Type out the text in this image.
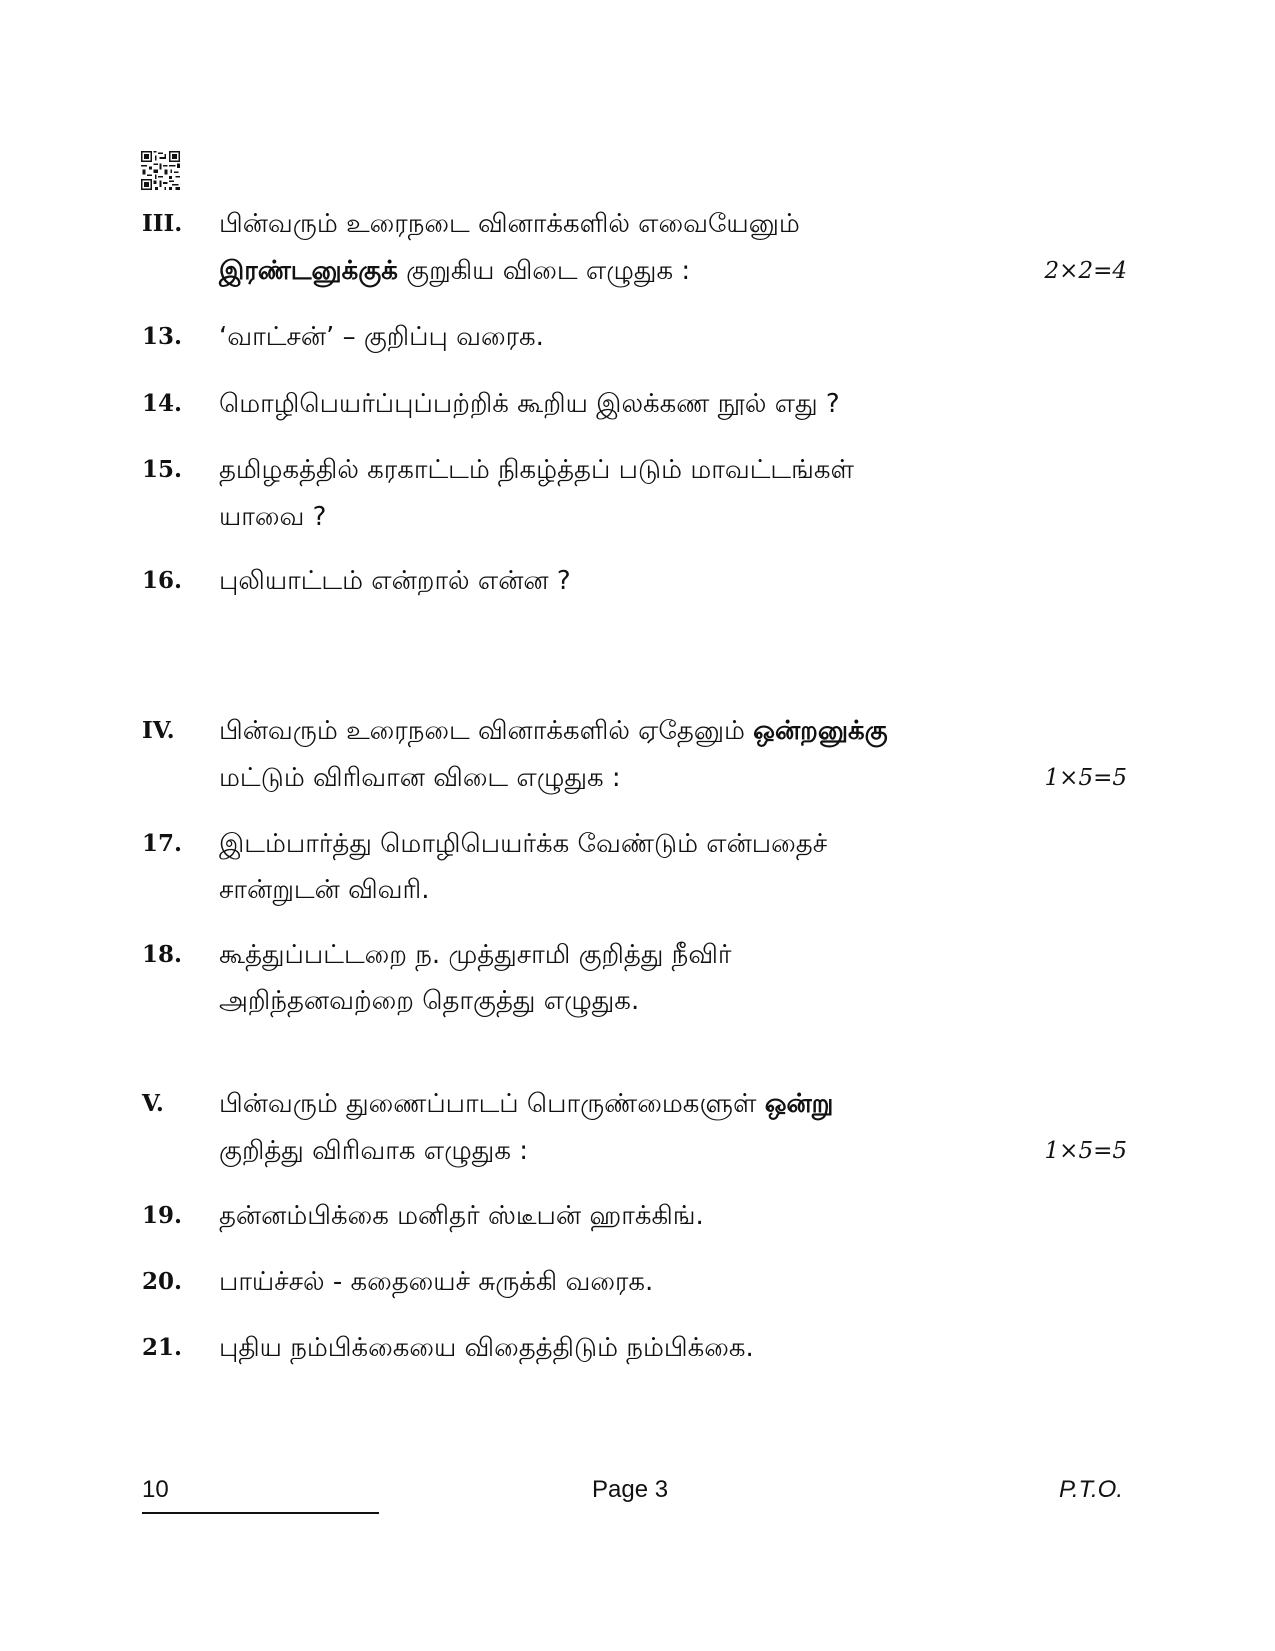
III. பின்வரும் உரைநடை வினாக்களில் எவையேனும்
இரண்டனுக்குக் குறுகிய விடை எழுதுக :	2×2=4
13. ‘வாட்சன்’ – குறிப்பு வரைக.
14. மொழிபெயர்ப்புப்பற்றிக் கூறிய இலக்கண நூல் எது ?
15. தமிழகத்தில் கரகாட்டம் நிகழ்த்தப் படும் மாவட்டங்கள்
யாவை ?
16. புலியாட்டம் என்றால் என்ன ?
IV. பின்வரும் உரைநடை வினாக்களில் ஏதேனும் ஒன்றனுக்கு
மட்டும் விரிவான விடை எழுதுக :	1×5=5
17. இடம்பார்த்து மொழிபெயர்க்க வேண்டும் என்பதைச்
சான்றுடன் விவரி.
18. கூத்துப்பட்டறை ந. முத்துசாமி குறித்து நீவிர்
அறிந்தனவற்றை தொகுத்து எழுதுக.
V. பின்வரும் துணைப்பாடப் பொருண்மைகளுள் ஒன்று
குறித்து விரிவாக எழுதுக :	1×5=5
19. தன்னம்பிக்கை மனிதர் ஸ்டீபன் ஹாக்கிங்.
20. பாய்ச்சல் - கதையைச் சுருக்கி வரைக.
21. புதிய நம்பிக்கையை விதைத்திடும் நம்பிக்கை.
10	Page 3	P.T.O.
